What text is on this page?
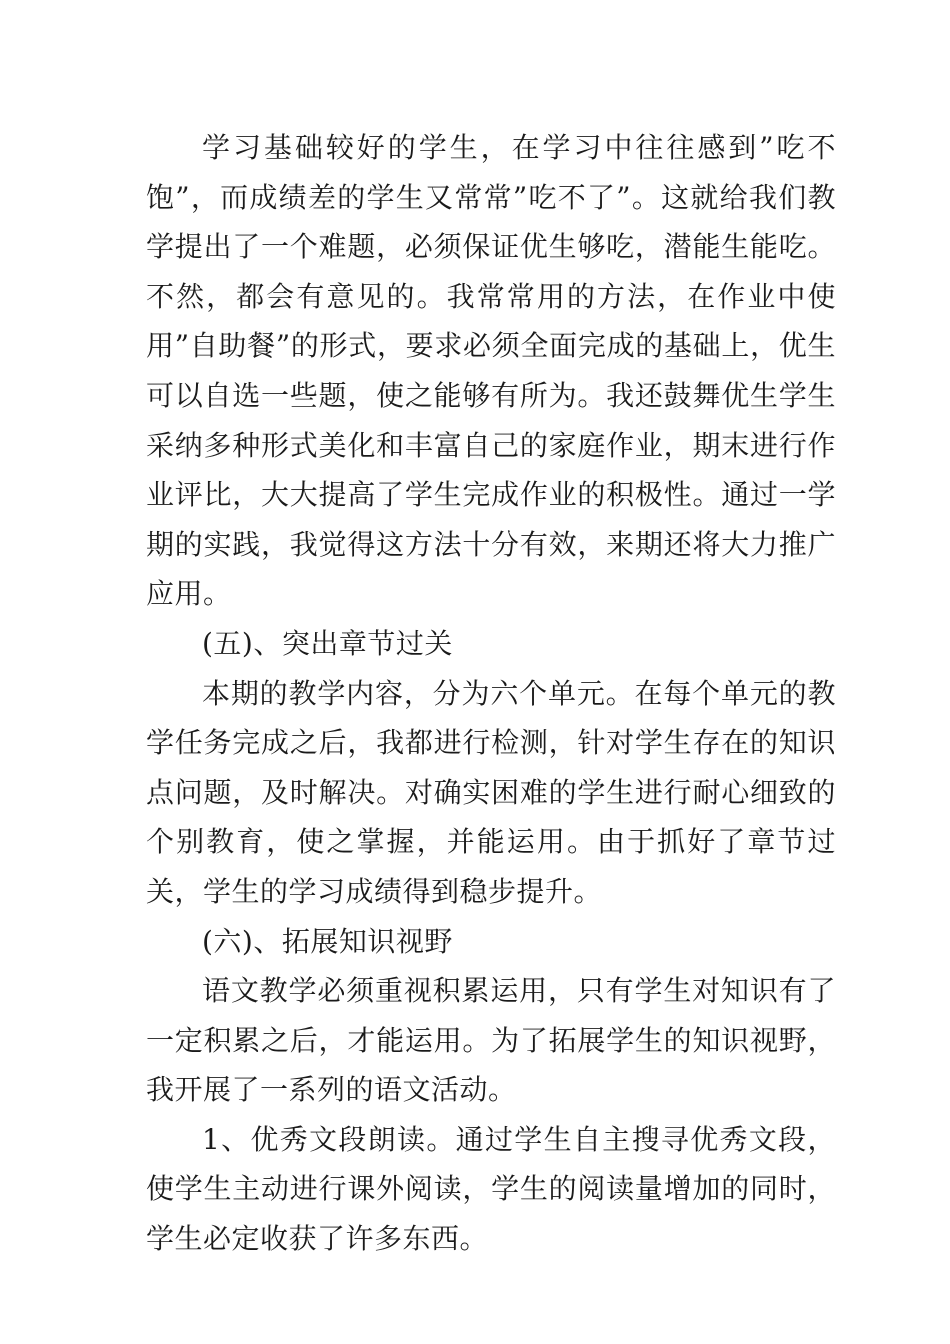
学习基础较好的学生，在学习中往往感到”吃不饱”，而成绩差的学生又常常”吃不了”。这就给我们教学提出了一个难题，必须保证优生够吃，潜能生能吃。不然，都会有意见的。我常常用的方法，在作业中使用”自助餐”的形式，要求必须全面完成的基础上，优生可以自选一些题，使之能够有所为。我还鼓舞优生学生采纳多种形式美化和丰富自己的家庭作业，期末进行作业评比，大大提高了学生完成作业的积极性。通过一学期的实践，我觉得这方法十分有效，来期还将大力推广应用。

(五)、突出章节过关

本期的教学内容，分为六个单元。在每个单元的教学任务完成之后，我都进行检测，针对学生存在的知识点问题，及时解决。对确实困难的学生进行耐心细致的个别教育，使之掌握，并能运用。由于抓好了章节过关，学生的学习成绩得到稳步提升。

(六)、拓展知识视野

语文教学必须重视积累运用，只有学生对知识有了一定积累之后，才能运用。为了拓展学生的知识视野，我开展了一系列的语文活动。

1、优秀文段朗读。通过学生自主搜寻优秀文段，使学生主动进行课外阅读，学生的阅读量增加的同时，学生必定收获了许多东西。
